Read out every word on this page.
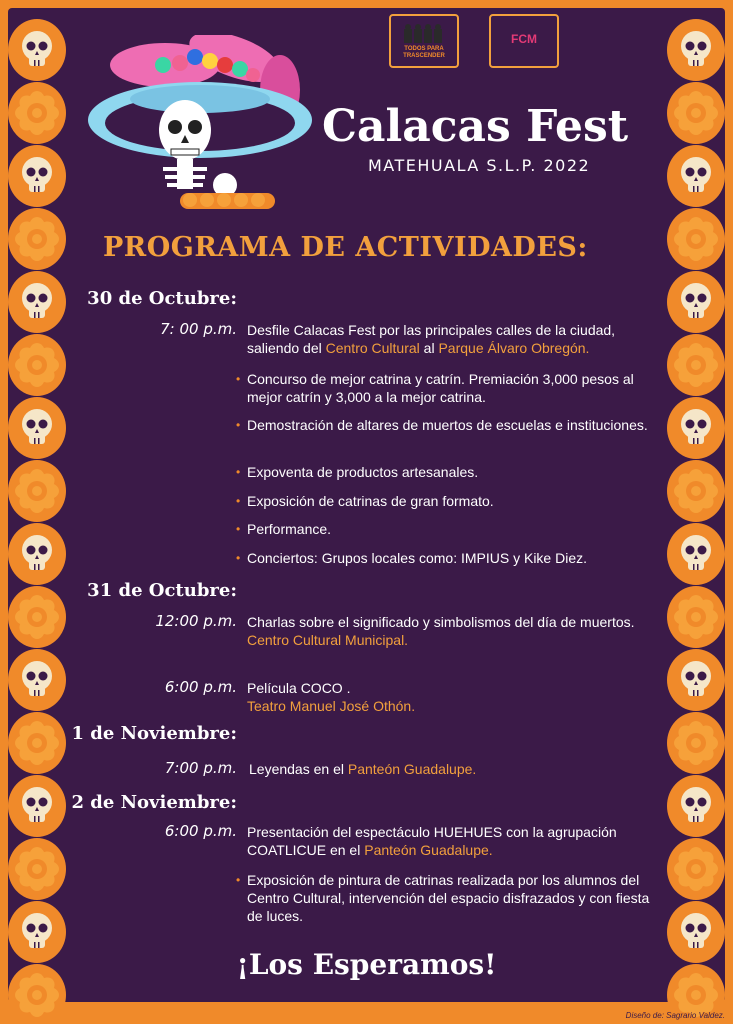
TODOS PARA TRASCENDER
FCM
Calacas Fest
MATEHUALA S.L.P. 2022
PROGRAMA DE ACTIVIDADES:
30 de Octubre:
7: 00 p.m. Desfile Calacas Fest por las principales calles de la ciudad, saliendo del Centro Cultural al Parque Álvaro Obregón.
• Concurso de mejor catrina y catrín. Premiación 3,000 pesos al mejor catrín y 3,000 a la mejor catrina.
• Demostración de altares de muertos de escuelas e instituciones.
• Expoventa de productos artesanales.
• Exposición de catrinas de gran formato.
• Performance.
• Conciertos: Grupos locales como: IMPIUS y Kike Diez.
31 de Octubre:
12:00 p.m. Charlas sobre el significado y simbolismos del día de muertos.
Centro Cultural Municipal.
6:00 p.m. Película COCO .
Teatro Manuel José Othón.
1 de Noviembre:
7:00 p.m. Leyendas en el Panteón Guadalupe.
2 de Noviembre:
6:00 p.m. Presentación del espectáculo HUEHUES con la agrupación COATLICUE en el Panteón Guadalupe.
• Exposición de pintura de catrinas realizada por los alumnos del Centro Cultural, intervención del espacio disfrazados y con fiesta de luces.
¡Los Esperamos!
Diseño de: Sagrario Valdez.
